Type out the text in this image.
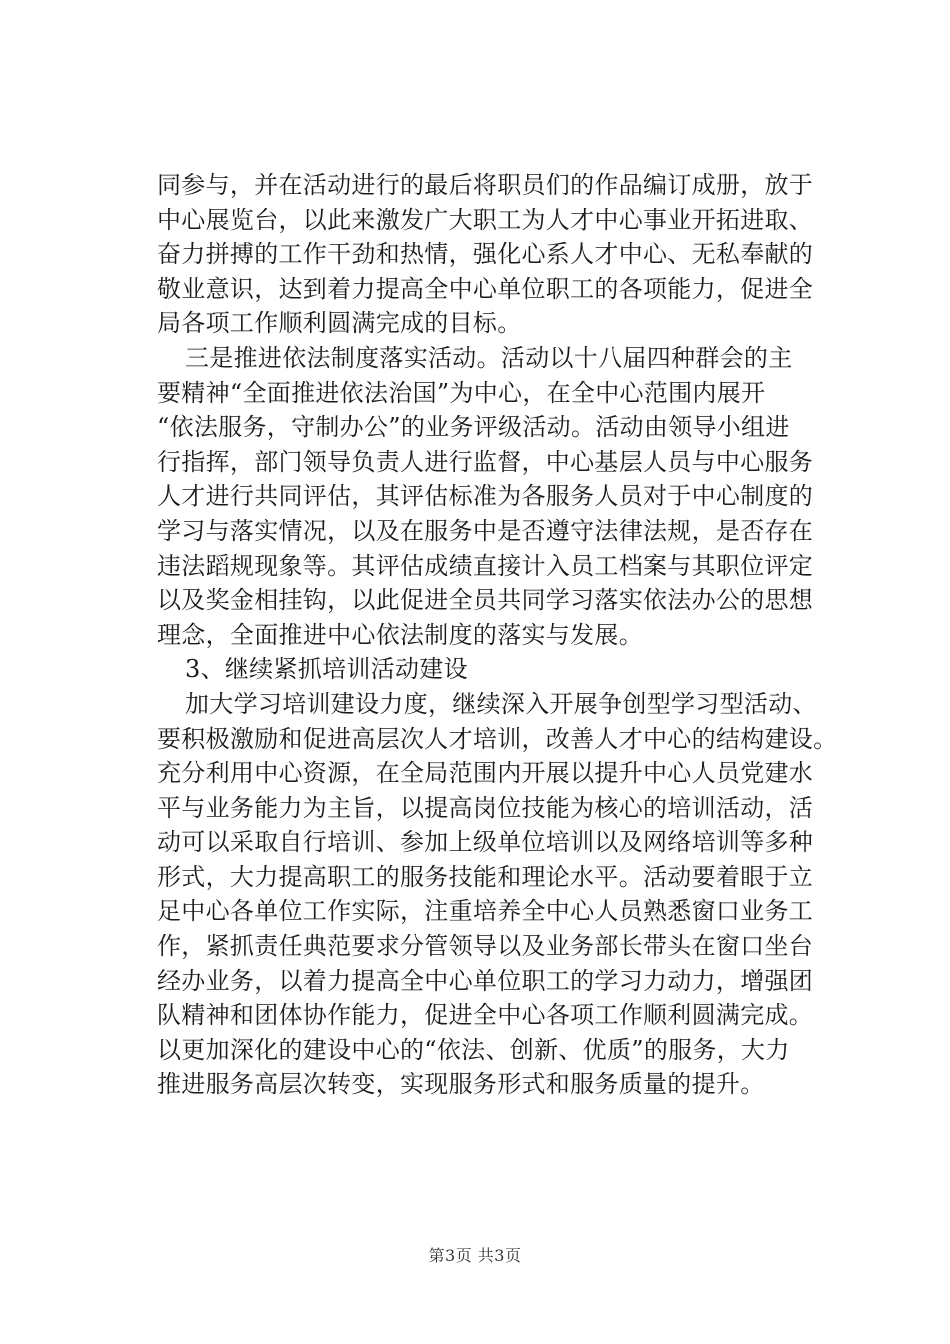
同参与，并在活动进行的最后将职员们的作品编订成册，放于
中心展览台，以此来激发广大职工为人才中心事业开拓进取、
奋力拼搏的工作干劲和热情，强化心系人才中心、无私奉献的
敬业意识，达到着力提高全中心单位职工的各项能力，促进全
局各项工作顺利圆满完成的目标。
三是推进依法制度落实活动。活动以十八届四种群会的主
要精神“全面推进依法治国”为中心，在全中心范围内展开
“依法服务，守制办公”的业务评级活动。活动由领导小组进
行指挥，部门领导负责人进行监督，中心基层人员与中心服务
人才进行共同评估，其评估标准为各服务人员对于中心制度的
学习与落实情况，以及在服务中是否遵守法律法规，是否存在
违法蹈规现象等。其评估成绩直接计入员工档案与其职位评定
以及奖金相挂钩，以此促进全员共同学习落实依法办公的思想
理念，全面推进中心依法制度的落实与发展。
3、继续紧抓培训活动建设
加大学习培训建设力度，继续深入开展争创型学习型活动、
要积极激励和促进高层次人才培训，改善人才中心的结构建设。
充分利用中心资源，在全局范围内开展以提升中心人员党建水
平与业务能力为主旨，以提高岗位技能为核心的培训活动，活
动可以采取自行培训、参加上级单位培训以及网络培训等多种
形式，大力提高职工的服务技能和理论水平。活动要着眼于立
足中心各单位工作实际，注重培养全中心人员熟悉窗口业务工
作，紧抓责任典范要求分管领导以及业务部长带头在窗口坐台
经办业务，以着力提高全中心单位职工的学习力动力，增强团
队精神和团体协作能力，促进全中心各项工作顺利圆满完成。
以更加深化的建设中心的“依法、创新、优质”的服务，大力
推进服务高层次转变，实现服务形式和服务质量的提升。
第3页 共3页
